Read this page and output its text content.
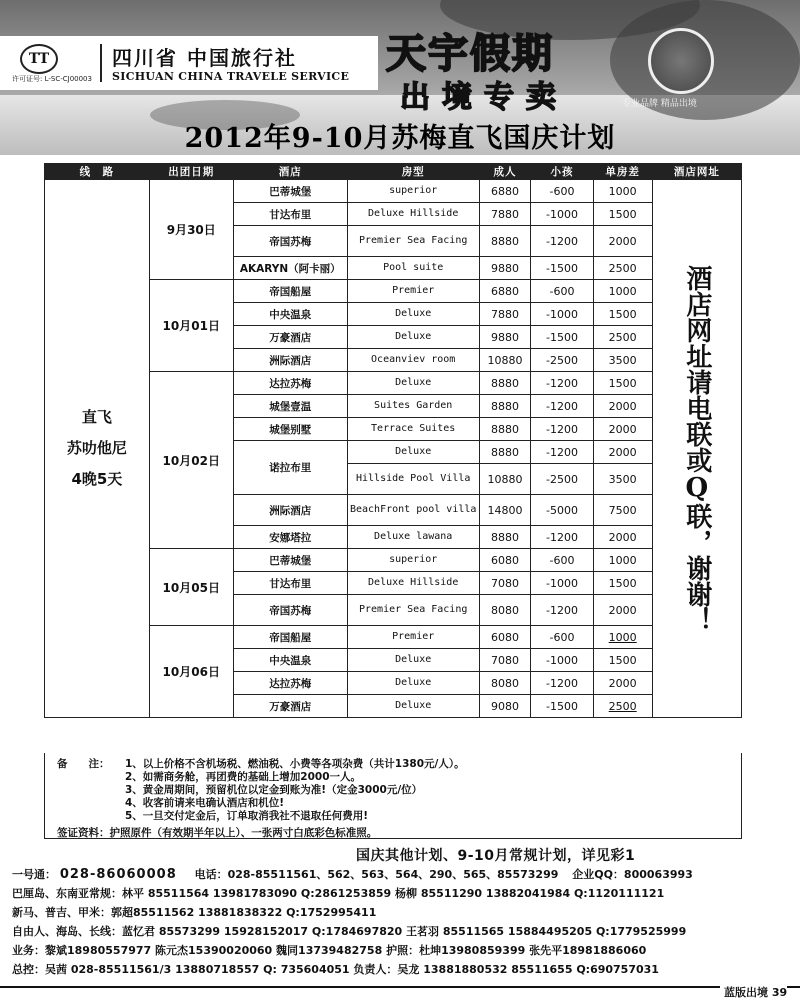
TT
许可证号: L-SC-CJ00003
四川省 中国旅行社
SICHUAN CHINA TRAVELE SERVICE 天宇假期
出境专卖	专业品牌 精品出境
2012年9-10月苏梅直飞国庆计划
线　路	出团日期	酒店	房型	成人	小孩	单房差	酒店网址

直飞
苏叻他尼
4晚5天	9月30日	巴蒂城堡	superior	6880	-600	1000	酒店网址请电联或Q联，谢谢！
		甘达布里	Deluxe Hillside	7880	-1000	1500	
		帝国苏梅	Premier Sea Facing	8880	-1200	2000	
		AKARYN（阿卡丽）	Pool suite	9880	-1500	2500	
	10月01日	帝国船屋	Premier	6880	-600	1000	
		中央温泉	Deluxe	7880	-1000	1500	
		万豪酒店	Deluxe	9880	-1500	2500	
		洲际酒店	Oceanviev room	10880	-2500	3500	
	10月02日	达拉苏梅	Deluxe	8880	-1200	1500	
		城堡壹温	Suites Garden	8880	-1200	2000	
		城堡别墅	Terrace Suites	8880	-1200	2000	
		诺拉布里	Deluxe	8880	-1200	2000	
			Hillside Pool Villa	10880	-2500	3500	
		洲际酒店	BeachFront pool villa	14800	-5000	7500	
		安娜塔拉	Deluxe lawana	8880	-1200	2000	
	10月05日	巴蒂城堡	superior	6080	-600	1000	
		甘达布里	Deluxe Hillside	7080	-1000	1500	
		帝国苏梅	Premier Sea Facing	8080	-1200	2000	
	10月06日	帝国船屋	Premier	6080	-600	1000	
		中央温泉	Deluxe	7080	-1000	1500	
		达拉苏梅	Deluxe	8080	-1200	2000	
		万豪酒店	Deluxe	9080	-1500	2500	
备　　注： 1、以上价格不含机场税、燃油税、小费等各项杂费（共计1380元/人）。
2、如需商务舱，再团费的基础上增加2000一人。
3、黄金周期间，预留机位以定金到账为准!（定金3000元/位）
4、收客前请来电确认酒店和机位!
5、一旦交付定金后，订单取消我社不退取任何费用!
签证资料：护照原件（有效期半年以上）、一张两寸白底彩色标准照。
国庆其他计划、9-10月常规计划，详见彩1
一号通： 028-86060008 电话：028-85511561、562、563、564、290、565、85573299 企业QQ：800063993
巴厘岛、东南亚常规：林平 85511564 13981783090 Q:2861253859 杨柳 85511290 13882041984 Q:1120111121
新马、普吉、甲米：郭超85511562 13881838322 Q:1752995411
自由人、海岛、长线：蓝忆君 85573299 15928152017 Q:1784697820 王茗羽 85511565 15884495205 Q:1779525999
业务：黎斌18980557977 陈元杰15390020060 魏同13739482758 护照：杜坤13980859399 张先平18981886060
总控：吴茜 028-85511561/3 13880718557 Q: 735604051 负责人：吴龙 13881880532 85511655 Q:690757031
蓝版出境 39
